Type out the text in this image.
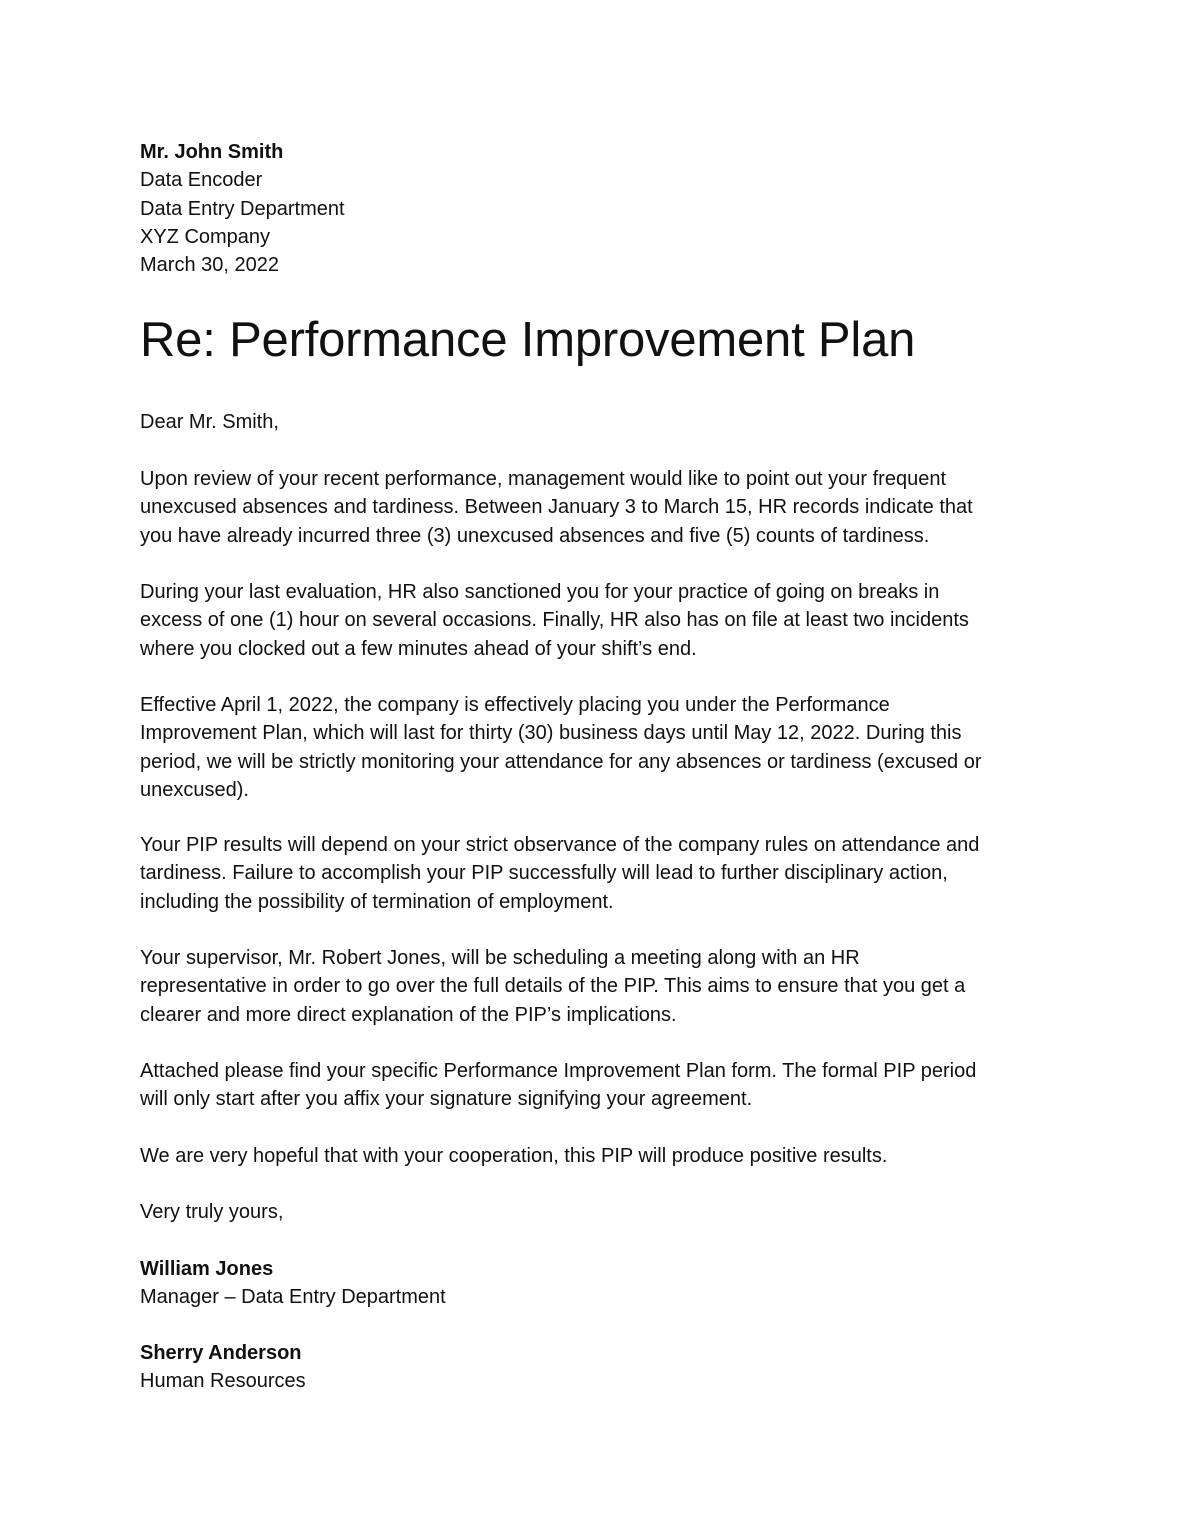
Mr. John Smith

Data Encoder

Data Entry Department

XYZ Company

March 30, 2022

Re: Performance Improvement Plan

Dear Mr. Smith,

Upon review of your recent performance, management would like to point out your frequent
unexcused absences and tardiness. Between January 3 to March 15, HR records indicate that
you have already incurred three (3) unexcused absences and five (5) counts of tardiness.
During your last evaluation, HR also sanctioned you for your practice of going on breaks in
excess of one (1) hour on several occasions. Finally, HR also has on file at least two incidents
where you clocked out a few minutes ahead of your shift’s end.
Effective April 1, 2022, the company is effectively placing you under the Performance
Improvement Plan, which will last for thirty (30) business days until May 12, 2022. During this
period, we will be strictly monitoring your attendance for any absences or tardiness (excused or
unexcused).
Your PIP results will depend on your strict observance of the company rules on attendance and
tardiness. Failure to accomplish your PIP successfully will lead to further disciplinary action,
including the possibility of termination of employment.
Your supervisor, Mr. Robert Jones, will be scheduling a meeting along with an HR
representative in order to go over the full details of the PIP. This aims to ensure that you get a
clearer and more direct explanation of the PIP’s implications.
Attached please find your specific Performance Improvement Plan form. The formal PIP period
will only start after you affix your signature signifying your agreement.
We are very hopeful that with your cooperation, this PIP will produce positive results.

Very truly yours,

William Jones

Manager – Data Entry Department

Sherry Anderson

Human Resources
